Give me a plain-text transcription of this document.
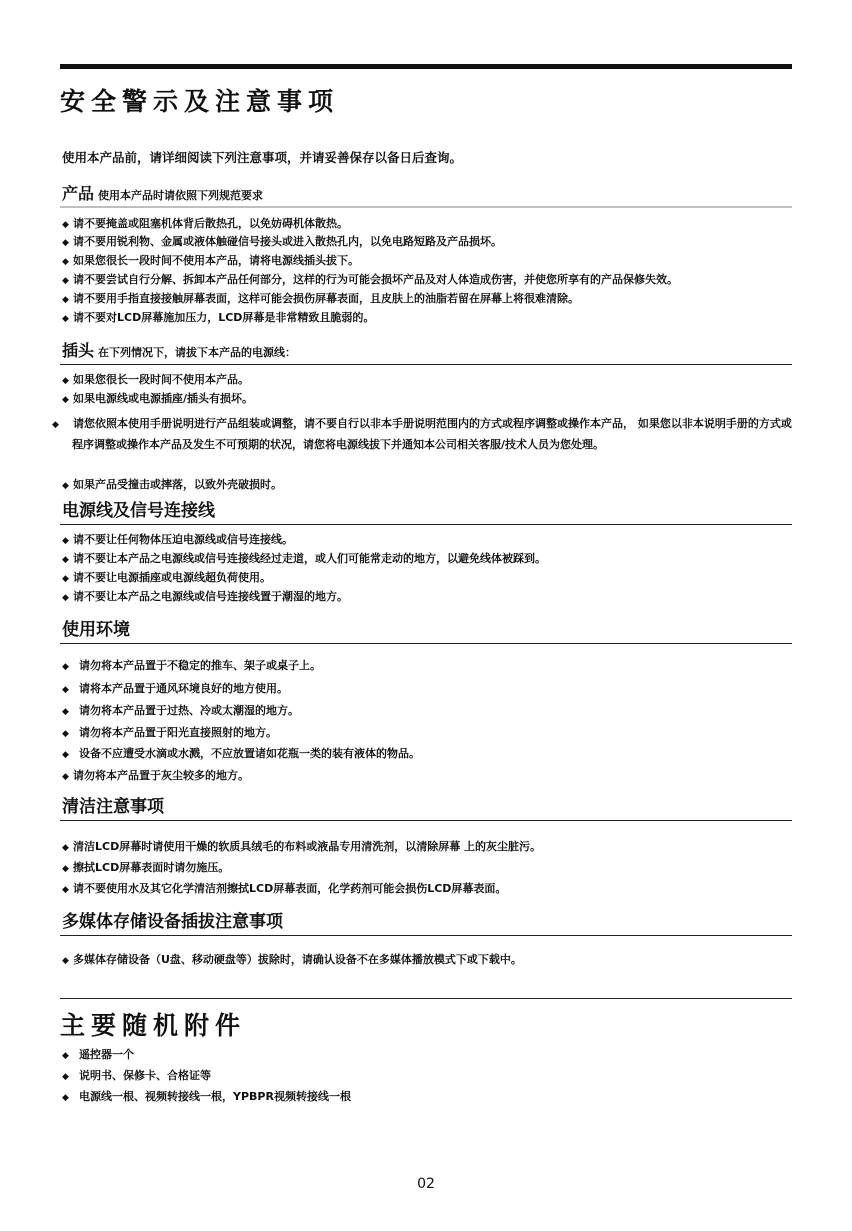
安全警示及注意事项

使用本产品前，请详细阅读下列注意事项，并请妥善保存以备日后查询。

产品 使用本产品时请依照下列规范要求

◆ 请不要掩盖或阻塞机体背后散热孔，以免妨碍机体散热。

◆ 请不要用锐利物、金属或液体触碰信号接头或进入散热孔内，以免电路短路及产品损坏。

◆ 如果您很长一段时间不使用本产品，请将电源线插头拔下。

◆ 请不要尝试自行分解、拆卸本产品任何部分，这样的行为可能会损坏产品及对人体造成伤害，并使您所享有的产品保修失效。

◆ 请不要用手指直接接触屏幕表面，这样可能会损伤屏幕表面，且皮肤上的油脂若留在屏幕上将很难清除。

◆ 请不要对LCD屏幕施加压力，LCD屏幕是非常精致且脆弱的。

插头 在下列情况下，请拔下本产品的电源线：

◆ 如果您很长一段时间不使用本产品。

◆ 如果电源线或电源插座/插头有损坏。

◆ 请您依照本使用手册说明进行产品组装或调整，请不要自行以非本手册说明范围内的方式或程序调整或操作本产品， 如果您以非本说明手册的方式或程序调整或操作本产品及发生不可预期的状况，请您将电源线拔下并通知本公司相关客服/技术人员为您处理。

◆ 如果产品受撞击或摔落，以致外壳破损时。

电源线及信号连接线

◆ 请不要让任何物体压迫电源线或信号连接线。

◆ 请不要让本产品之电源线或信号连接线经过走道，或人们可能常走动的地方，以避免线体被踩到。

◆ 请不要让电源插座或电源线超负荷使用。

◆ 请不要让本产品之电源线或信号连接线置于潮湿的地方。

使用环境

◆ 请勿将本产品置于不稳定的推车、架子或桌子上。

◆ 请将本产品置于通风环境良好的地方使用。

◆ 请勿将本产品置于过热、冷或太潮湿的地方。

◆ 请勿将本产品置于阳光直接照射的地方。

◆ 设备不应遭受水滴或水溅，不应放置诸如花瓶一类的装有液体的物品。

◆ 请勿将本产品置于灰尘较多的地方。

清洁注意事项

◆ 清洁LCD屏幕时请使用干燥的软质具绒毛的布料或液晶专用清洗剂，以清除屏幕 上的灰尘脏污。

◆ 擦拭LCD屏幕表面时请勿施压。

◆ 请不要使用水及其它化学清洁剂擦拭LCD屏幕表面，化学药剂可能会损伤LCD屏幕表面。

多媒体存储设备插拔注意事项

◆ 多媒体存储设备（U盘、移动硬盘等）拔除时，请确认设备不在多媒体播放模式下或下载中。

主要随机附件

◆ 遥控器一个

◆ 说明书、保修卡、合格证等

◆ 电源线一根、视频转接线一根，YPBPR视频转接线一根

02
